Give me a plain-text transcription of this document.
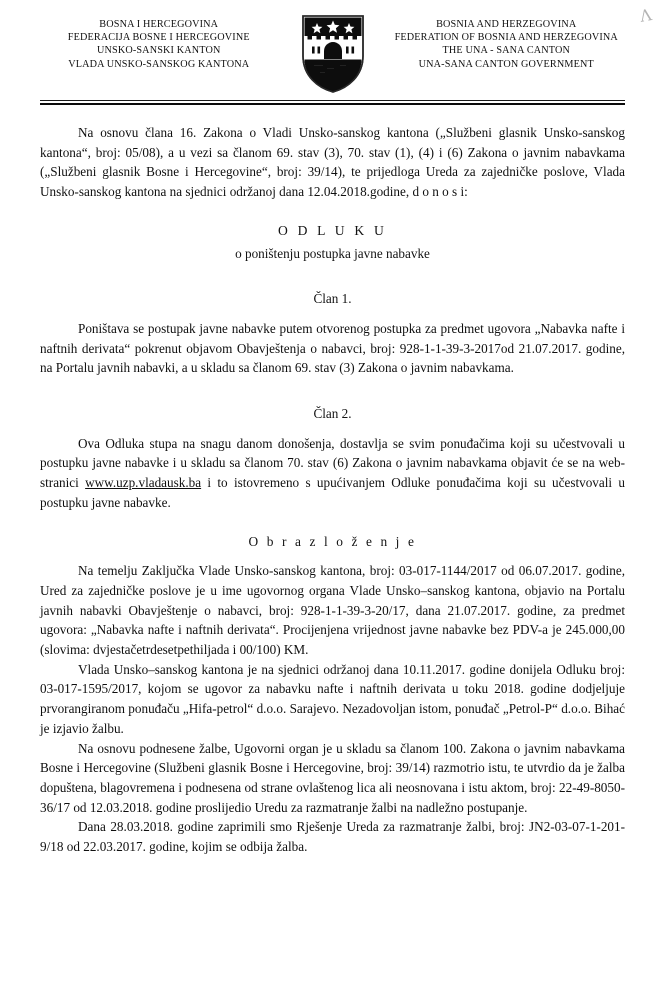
Λ
BOSNA I HERCEGOVINA
FEDERACIJA BOSNE I HERCEGOVINE
UNSKO-SANSKI KANTON
VLADA UNSKO-SANSKOG KANTONA
BOSNIA AND HERZEGOVINA
FEDERATION OF BOSNIA AND HERZEGOVINA
THE UNA - SANA CANTON
UNA-SANA CANTON GOVERNMENT

Na osnovu člana 16. Zakona o Vladi Unsko-sanskog kantona („Službeni glasnik Unsko-sanskog kantona“, broj: 05/08), a u vezi sa članom 69. stav (3), 70. stav (1), (4) i (6) Zakona o javnim nabavkama („Službeni glasnik Bosne i Hercegovine“, broj: 39/14), te prijedloga Ureda za zajedničke poslove, Vlada Unsko-sanskog kantona na sjednici održanoj dana 12.04.2018.godine, d o n o s i:

O D L U K U
o poništenju postupka javne nabavke
Član 1.

Poništava se postupak javne nabavke putem otvorenog postupka za predmet ugovora „Nabavka nafte i naftnih derivata“ pokrenut objavom Obavještenja o nabavci, broj: 928-1-1-39-3-2017od 21.07.2017. godine, na Portalu javnih nabavki, a u skladu sa članom 69. stav (3) Zakona o javnim nabavkama.

Član 2.

Ova Odluka stupa na snagu danom donošenja, dostavlja se svim ponuđačima koji su učestvovali u postupku javne nabavke i u skladu sa članom 70. stav (6) Zakona o javnim nabavkama objavit će se na web-stranici www.uzp.vladausk.ba i to istovremeno s upućivanjem Odluke ponuđačima koji su učestvovali u postupku javne nabavke.

O b r a z l o ž e n j e

Na temelju Zaključka Vlade Unsko-sanskog kantona, broj: 03-017-1144/2017 od 06.07.2017. godine, Ured za zajedničke poslove je u ime ugovornog organa Vlade Unsko–sanskog kantona, objavio na Portalu javnih nabavki Obavještenje o nabavci, broj: 928-1-1-39-3-20/17, dana 21.07.2017. godine, za predmet ugovora: „Nabavka nafte i naftnih derivata“. Procijenjena vrijednost javne nabavke bez PDV-a je 245.000,00 (slovima: dvjestačetrdesetpethiljada i 00/100) KM.

Vlada Unsko–sanskog kantona je na sjednici održanoj dana 10.11.2017. godine donijela Odluku broj: 03-017-1595/2017, kojom se ugovor za nabavku nafte i naftnih derivata u toku 2018. godine dodjeljuje prvorangiranom ponuđaču „Hifa-petrol“ d.o.o. Sarajevo. Nezadovoljan istom, ponuđač „Petrol-P“ d.o.o. Bihać je izjavio žalbu.

Na osnovu podnesene žalbe, Ugovorni organ je u skladu sa članom 100. Zakona o javnim nabavkama Bosne i Hercegovine (Službeni glasnik Bosne i Hercegovine, broj: 39/14) razmotrio istu, te utvrdio da je žalba dopuštena, blagovremena i podnesena od strane ovlaštenog lica ali neosnovana i istu aktom, broj: 22-49-8050-36/17 od 12.03.2018. godine proslijedio Uredu za razmatranje žalbi na nadležno postupanje.

Dana 28.03.2018. godine zaprimili smo Rješenje Ureda za razmatranje žalbi, broj: JN2-03-07-1-201-9/18 od 22.03.2017. godine, kojim se odbija žalba.
